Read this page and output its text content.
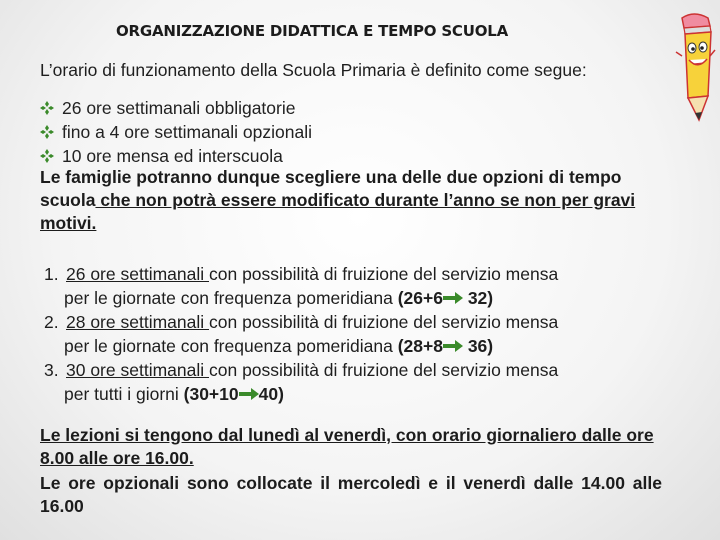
ORGANIZZAZIONE DIDATTICA E TEMPO SCUOLA
L’orario di funzionamento della Scuola Primaria è definito come segue:
26 ore settimanali obbligatorie
fino a 4 ore settimanali opzionali
10 ore mensa ed interscuola
Le famiglie potranno dunque scegliere una delle due opzioni di tempo scuola che non potrà essere modificato durante l’anno se non per gravi motivi.
1. 26 ore settimanali con possibilità di fruizione del servizio mensa
per le giornate con frequenza pomeridiana (26+6
32)
2. 28 ore settimanali con possibilità di fruizione del servizio mensa
per le giornate con frequenza pomeridiana (28+8
36)
3. 30 ore settimanali con possibilità di fruizione del servizio mensa
per tutti i giorni (30+10 40)
Le lezioni si tengono dal lunedì al venerdì, con orario giornaliero dalle ore 8.00 alle ore 16.00.
Le ore opzionali sono collocate il mercoledì e il venerdì dalle 14.00 alle 16.00
